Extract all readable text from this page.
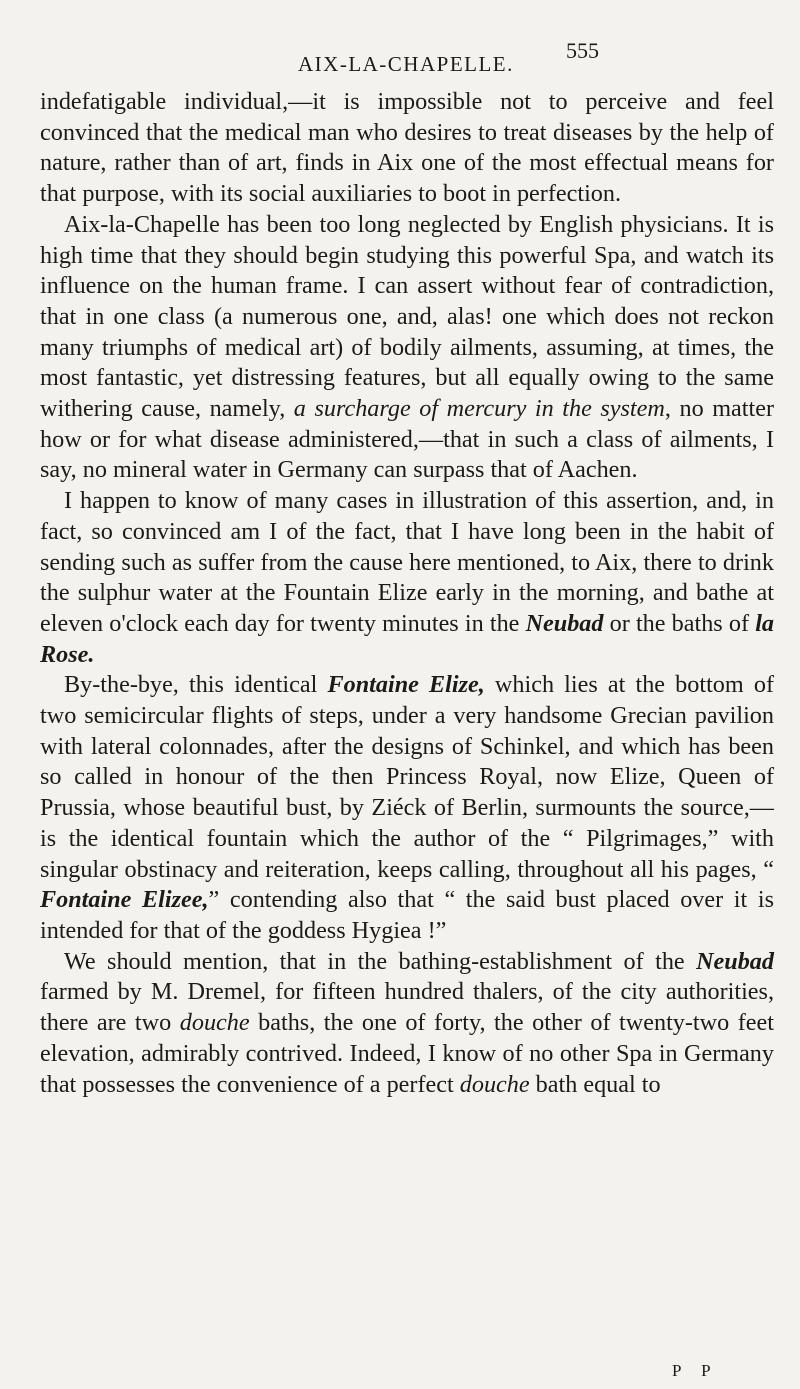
AIX-LA-CHAPELLE.
555

indefatigable individual,—it is impossible not to perceive and feel convinced that the medical man who desires to treat diseases by the help of nature, rather than of art, finds in Aix one of the most effectual means for that purpose, with its social auxiliaries to boot in perfection.

Aix-la-Chapelle has been too long neglected by English physicians. It is high time that they should begin studying this powerful Spa, and watch its influence on the human frame. I can assert without fear of contradiction, that in one class (a numerous one, and, alas! one which does not reckon many triumphs of medical art) of bodily ailments, assuming, at times, the most fantastic, yet distressing features, but all equally owing to the same withering cause, namely, a surcharge of mercury in the system, no matter how or for what disease administered,—that in such a class of ailments, I say, no mineral water in Germany can surpass that of Aachen.

I happen to know of many cases in illustration of this assertion, and, in fact, so convinced am I of the fact, that I have long been in the habit of sending such as suffer from the cause here mentioned, to Aix, there to drink the sulphur water at the Fountain Elize early in the morning, and bathe at eleven o'clock each day for twenty minutes in the Neubad or the baths of la Rose.

By-the-bye, this identical Fontaine Elize, which lies at the bottom of two semicircular flights of steps, under a very handsome Grecian pavilion with lateral colonnades, after the designs of Schinkel, and which has been so called in honour of the then Princess Royal, now Elize, Queen of Prussia, whose beautiful bust, by Ziéck of Berlin, surmounts the source,—is the identical fountain which the author of the “ Pilgrimages,” with singular obstinacy and reiteration, keeps calling, throughout all his pages, “ Fontaine Elizee,” contending also that “ the said bust placed over it is intended for that of the goddess Hygiea !”

We should mention, that in the bathing-establishment of the Neubad farmed by M. Dremel, for fifteen hundred thalers, of the city authorities, there are two douche baths, the one of forty, the other of twenty-two feet elevation, admirably contrived. Indeed, I know of no other Spa in Germany that possesses the convenience of a perfect douche bath equal to

P P
